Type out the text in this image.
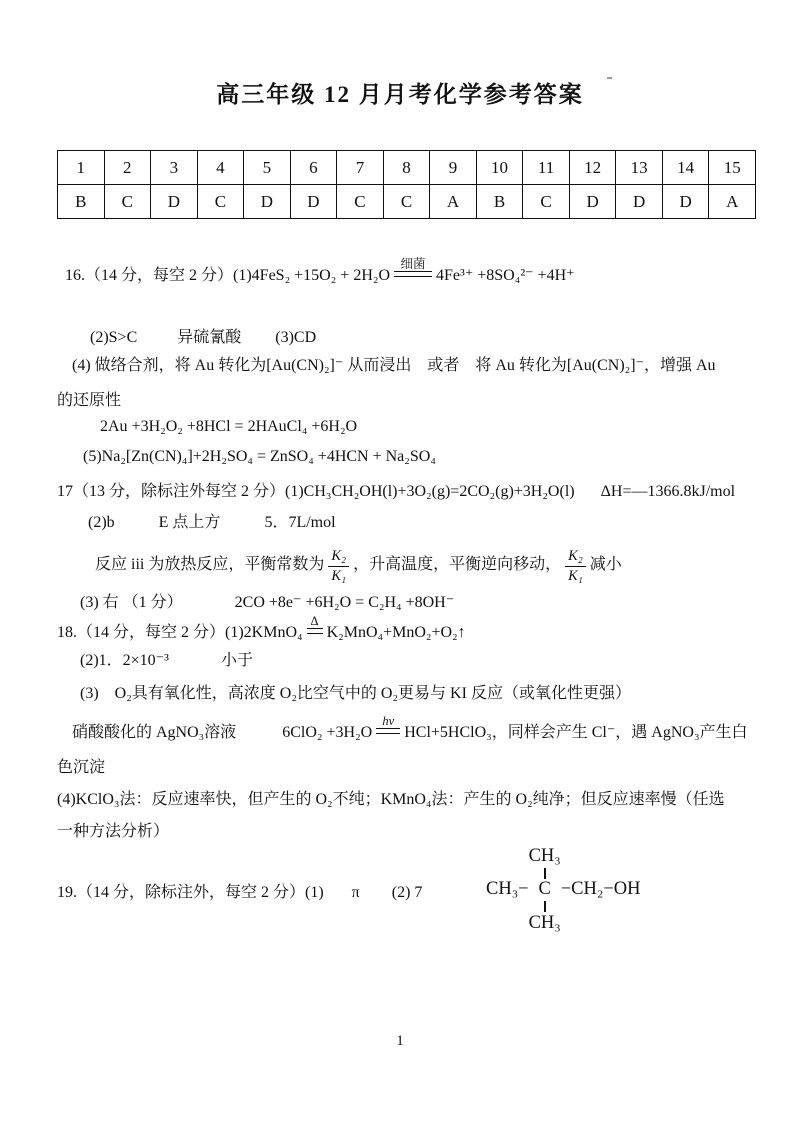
高三年级 12 月月考化学参考答案
1	2	3	4	5	6	7	8	9	10	11	12	13	14	15
B	C	D	C	D	D	C	C	A	B	C	D	D	D	A
16.（14 分，每空 2 分）(1)4FeS₂ +15O₂ + 2H₂O
细菌
4Fe³⁺ +8SO₄²⁻ +4H⁺
(2)S>C	异硫氰酸 (3)CD
(4) 做络合剂，将 Au 转化为[Au(CN)₂]⁻ 从而浸出　或者　将 Au 转化为[Au(CN)₂]⁻，增强 Au
的还原性
2Au +3H₂O₂ +8HCl = 2HAuCl₄ +6H₂O
(5)Na₂[Zn(CN)₄]+2H₂SO₄ = ZnSO₄ +4HCN + Na₂SO₄
17（13 分，除标注外每空 2 分）(1)CH₃CH₂OH(l)+3O₂(g)=2CO₂(g)+3H₂O(l) ΔH=—1366.8kJ/mol
(2)b	E 点上方	5．7L/mol
反应 iii 为放热反应，平衡常数为 $\frac{\text{K₂}}{\text{K₁}}$ ，升高温度，平衡逆向移动， $\frac{\text{K₂}}{\text{K₁}}$ 减小
(3) 右 （1 分）	2CO +8e⁻ +6H₂O = C₂H₄ +8OH⁻
18.（14 分，每空 2 分）(1)2KMnO₄
Δ
K₂MnO₄+MnO₂+O₂↑
(2)1．2×10⁻³	小于
(3)　O₂具有氧化性，高浓度 O₂比空气中的 O₂更易与 KI 反应（或氧化性更强）
硝酸酸化的 AgNO₃溶液	6ClO₂ +3H₂O
hv
HCl+5HClO₃，同样会产生 Cl⁻，遇 AgNO₃产生白
色沉淀
(4)KClO₃法：反应速率快，但产生的 O₂不纯；KMnO₄法：产生的 O₂纯净；但反应速率慢（任选
一种方法分析）
19.（14 分，除标注外，每空 2 分）(1) π (2) 7
CH₃
CH₃− C −CH₂−OH
CH₃
1
